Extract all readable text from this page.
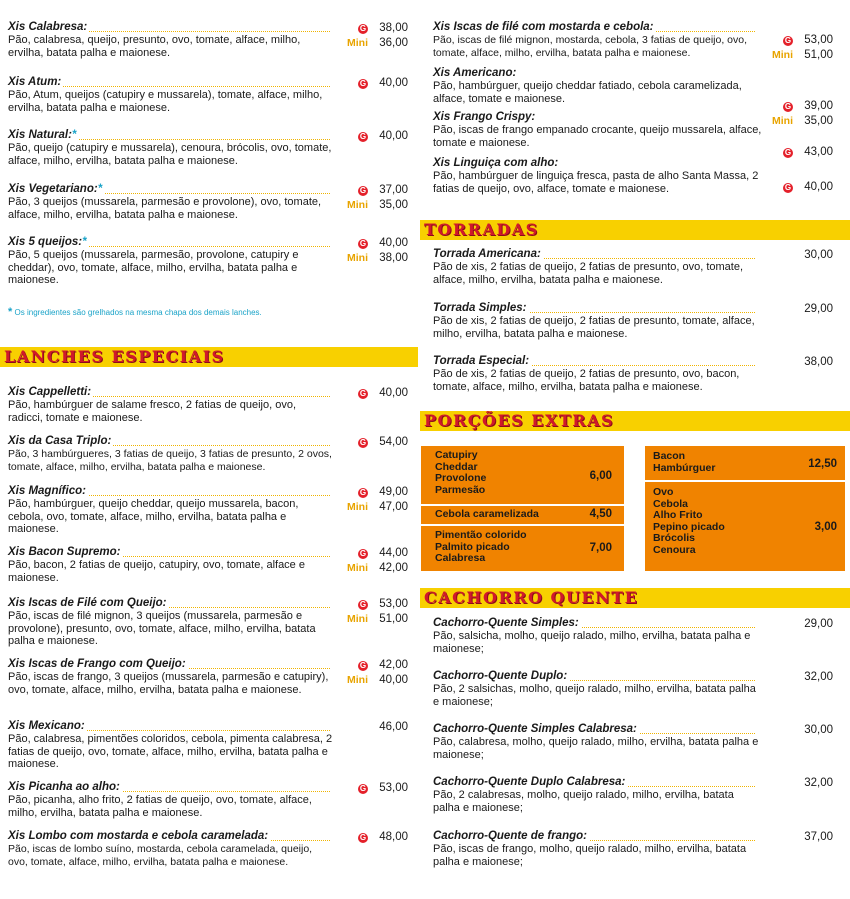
Xis Calabresa:
Pão, calabresa, queijo, presunto, ovo, tomate, alface, milho, ervilha, batata palha e maionese.
G	38,00
Mini 36,00
Xis Atum:
Pão, Atum, queijos (catupiry e mussarela), tomate, alface, milho, ervilha, batata palha e maionese.
G	40,00
Xis Natural:*
Pão, queijo (catupiry e mussarela), cenoura, brócolis, ovo, tomate, alface, milho, ervilha, batata palha e maionese.
G	40,00
Xis Vegetariano:*
Pão, 3 queijos (mussarela, parmesão e provolone), ovo, tomate, alface, milho, ervilha, batata palha e maionese.
G	37,00
Mini 35,00
Xis 5 queijos:*
Pão, 5 queijos (mussarela, parmesão, provolone, catupiry e cheddar), ovo, tomate, alface, milho, ervilha, batata palha e maionese.
G	40,00
Mini 38,00
* Os ingredientes são grelhados na mesma chapa dos demais lanches.
LANCHES ESPECIAIS
Xis Cappelletti:
Pão, hambúrguer de salame fresco, 2 fatias de queijo, ovo, radicci, tomate e maionese.
G	40,00
Xis da Casa Triplo:
Pão, 3 hambúrgueres, 3 fatias de queijo, 3 fatias de presunto, 2 ovos, tomate, alface, milho, ervilha, batata palha e maionese.
G	54,00
Xis Magnífico:
Pão, hambúrguer, queijo cheddar, queijo mussarela, bacon, cebola, ovo, tomate, alface, milho, ervilha, batata palha e maionese.
G	49,00
Mini 47,00
Xis Bacon Supremo:
Pão, bacon, 2 fatias de queijo, catupiry, ovo, tomate, alface e maionese.
G	44,00
Mini 42,00
Xis Iscas de Filé com Queijo:
Pão, iscas de filé mignon, 3 queijos (mussarela, parmesão e provolone), presunto, ovo, tomate, alface, milho, ervilha, batata palha e maionese.
G	53,00
Mini 51,00
Xis Iscas de Frango com Queijo:
Pão, iscas de frango, 3 queijos (mussarela, parmesão e catupiry), ovo, tomate, alface, milho, ervilha, batata palha e maionese.
G	42,00
Mini 40,00
Xis Mexicano:
Pão, calabresa, pimentões coloridos, cebola, pimenta calabresa, 2 fatias de queijo, ovo, tomate, alface, milho, ervilha, batata palha e maionese.
46,00
Xis Picanha ao alho:
Pão, picanha, alho frito, 2 fatias de queijo, ovo, tomate, alface, milho, ervilha, batata palha e maionese.
G	53,00
Xis Lombo com mostarda e cebola caramelada:
Pão, iscas de lombo suíno, mostarda, cebola caramelada, queijo, ovo, tomate, alface, milho, ervilha, batata palha e maionese.
G	48,00
Xis Iscas de filé com mostarda e cebola:
Pão, iscas de filé mignon, mostarda, cebola, 3 fatias de queijo, ovo, tomate, alface, milho, ervilha, batata palha e maionese.
G	53,00
Mini 51,00
Xis Americano:
Pão, hambúrguer, queijo cheddar fatiado, cebola caramelizada, alface, tomate e maionese.
G	39,00
Mini 35,00
Xis Frango Crispy:
Pão, iscas de frango empanado crocante, queijo mussarela, alface, tomate e maionese.
G	43,00
Xis Linguiça com alho:
Pão, hambúrguer de linguiça fresca, pasta de alho Santa Massa, 2 fatias de queijo, ovo, alface, tomate e maionese.	G	40,00
TORRADAS
Torrada Americana:
Pão de xis, 2 fatias de queijo, 2 fatias de presunto, ovo, tomate, alface, milho, ervilha, batata palha e maionese.
30,00
Torrada Simples:
Pão de xis, 2 fatias de queijo, 2 fatias de presunto, tomate, alface, milho, ervilha, batata palha e maionese.
29,00
Torrada Especial:
Pão de xis, 2 fatias de queijo, 2 fatias de presunto, ovo, bacon, tomate, alface, milho, ervilha, batata palha e maionese.
38,00
PORÇÕES EXTRAS
Catupiry
Cheddar
Provolone
Parmesão
6,00
Cebola caramelizada	4,50
Pimentão colorido
Palmito picado
Calabresa
7,00
Bacon
Hambúrguer	12,50
Ovo
Cebola
Alho Frito
Pepino picado
Brócolis
Cenoura
3,00
CACHORRO QUENTE
Cachorro-Quente Simples:
Pão, salsicha, molho, queijo ralado, milho, ervilha, batata palha e maionese;
29,00
Cachorro-Quente Duplo:
Pão, 2 salsichas, molho, queijo ralado, milho, ervilha, batata palha e maionese;
32,00
Cachorro-Quente Simples Calabresa:
Pão, calabresa, molho, queijo ralado, milho, ervilha, batata palha e maionese;
30,00
Cachorro-Quente Duplo Calabresa:
Pão, 2 calabresas, molho, queijo ralado, milho, ervilha, batata palha e maionese;
32,00
Cachorro-Quente de frango:
Pão, iscas de frango, molho, queijo ralado, milho, ervilha, batata palha e maionese;
37,00
